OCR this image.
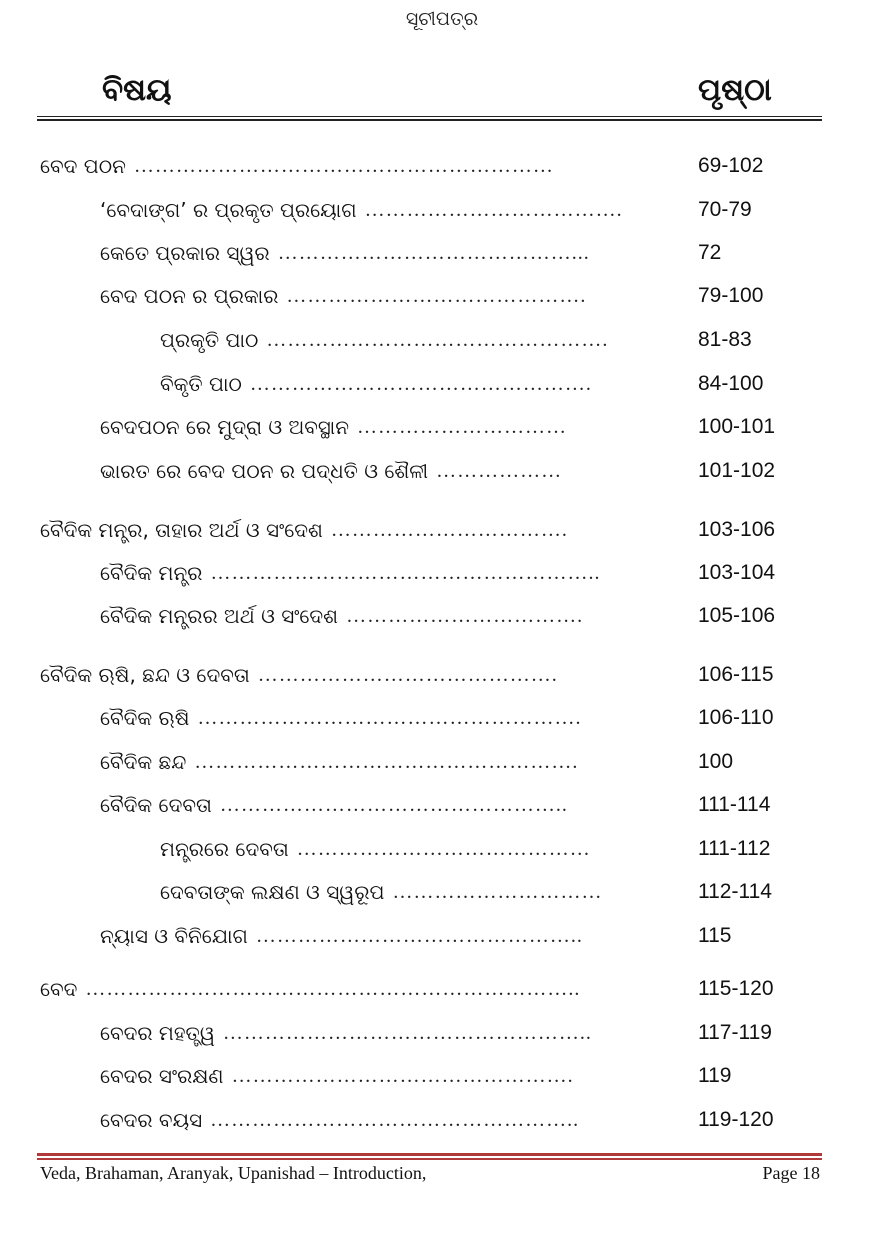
ସୂଚୀପତ୍ର
ବିଷୟ	ପୃଷ୍ଠା
ବେଦ ପଠନ ……………………………………………………	69-102
‘ବେଦାଙ୍ଗ’ ର ପ୍ରକୃତ ପ୍ରୟୋଗ ……………………………….	70-79
କେତେ ପ୍ରକାର ସ୍ୱର ……………………………………...	72
ବେଦ ପଠନ ର ପ୍ରକାର …………………………………….	79-100
ପ୍ରକୃତି ପାଠ ………………………………………….	81-83
ବିକୃତି ପାଠ ………………………………………….	84-100
ବେଦପଠନ ରେ ମୁଦ୍ରା ଓ ଅବସ୍ଥାନ …………………………	100-101
ଭାରତ ରେ ବେଦ ପଠନ ର ପଦ୍ଧତି ଓ ଶୈଳୀ ………………	101-102
ବୈଦିକ ମନ୍ତ୍ର, ତାହାର ଅର୍ଥ ଓ ସଂଦେଶ …………………………….	103-106
ବୈଦିକ ମନ୍ତ୍ର ………………………………………………..	103-104
ବୈଦିକ ମନ୍ତ୍ରର ଅର୍ଥ ଓ ସଂଦେଶ …………………………….	105-106
ବୈଦିକ ଋଷି, ଛନ୍ଦ ଓ ଦେବତା …………………………………….	106-115
ବୈଦିକ ଋଷି ……………………………………………….	106-110
ବୈଦିକ ଛନ୍ଦ ……………………………………………….	100
ବୈଦିକ ଦେବତା …………………………………………..	111-114
ମନ୍ତ୍ରରେ ଦେବତା ……………………………………	111-112
ଦେବତାଙ୍କ ଲକ୍ଷଣ ଓ ସ୍ୱରୂପ …………………………	112-114
ନ୍ୟାସ ଓ ବିନିଯୋଗ ………………………………………..	115
ବେଦ ……………………………………………………………..	115-120
ବେଦର ମହତ୍ତ୍ୱ ……………………………………………..	117-119
ବେଦର ସଂରକ୍ଷଣ ………………………………………….	119
ବେଦର ବୟସ ……………………………………………..	119-120
Veda, Brahaman, Aranyak, Upanishad – Introduction,	Page 18
